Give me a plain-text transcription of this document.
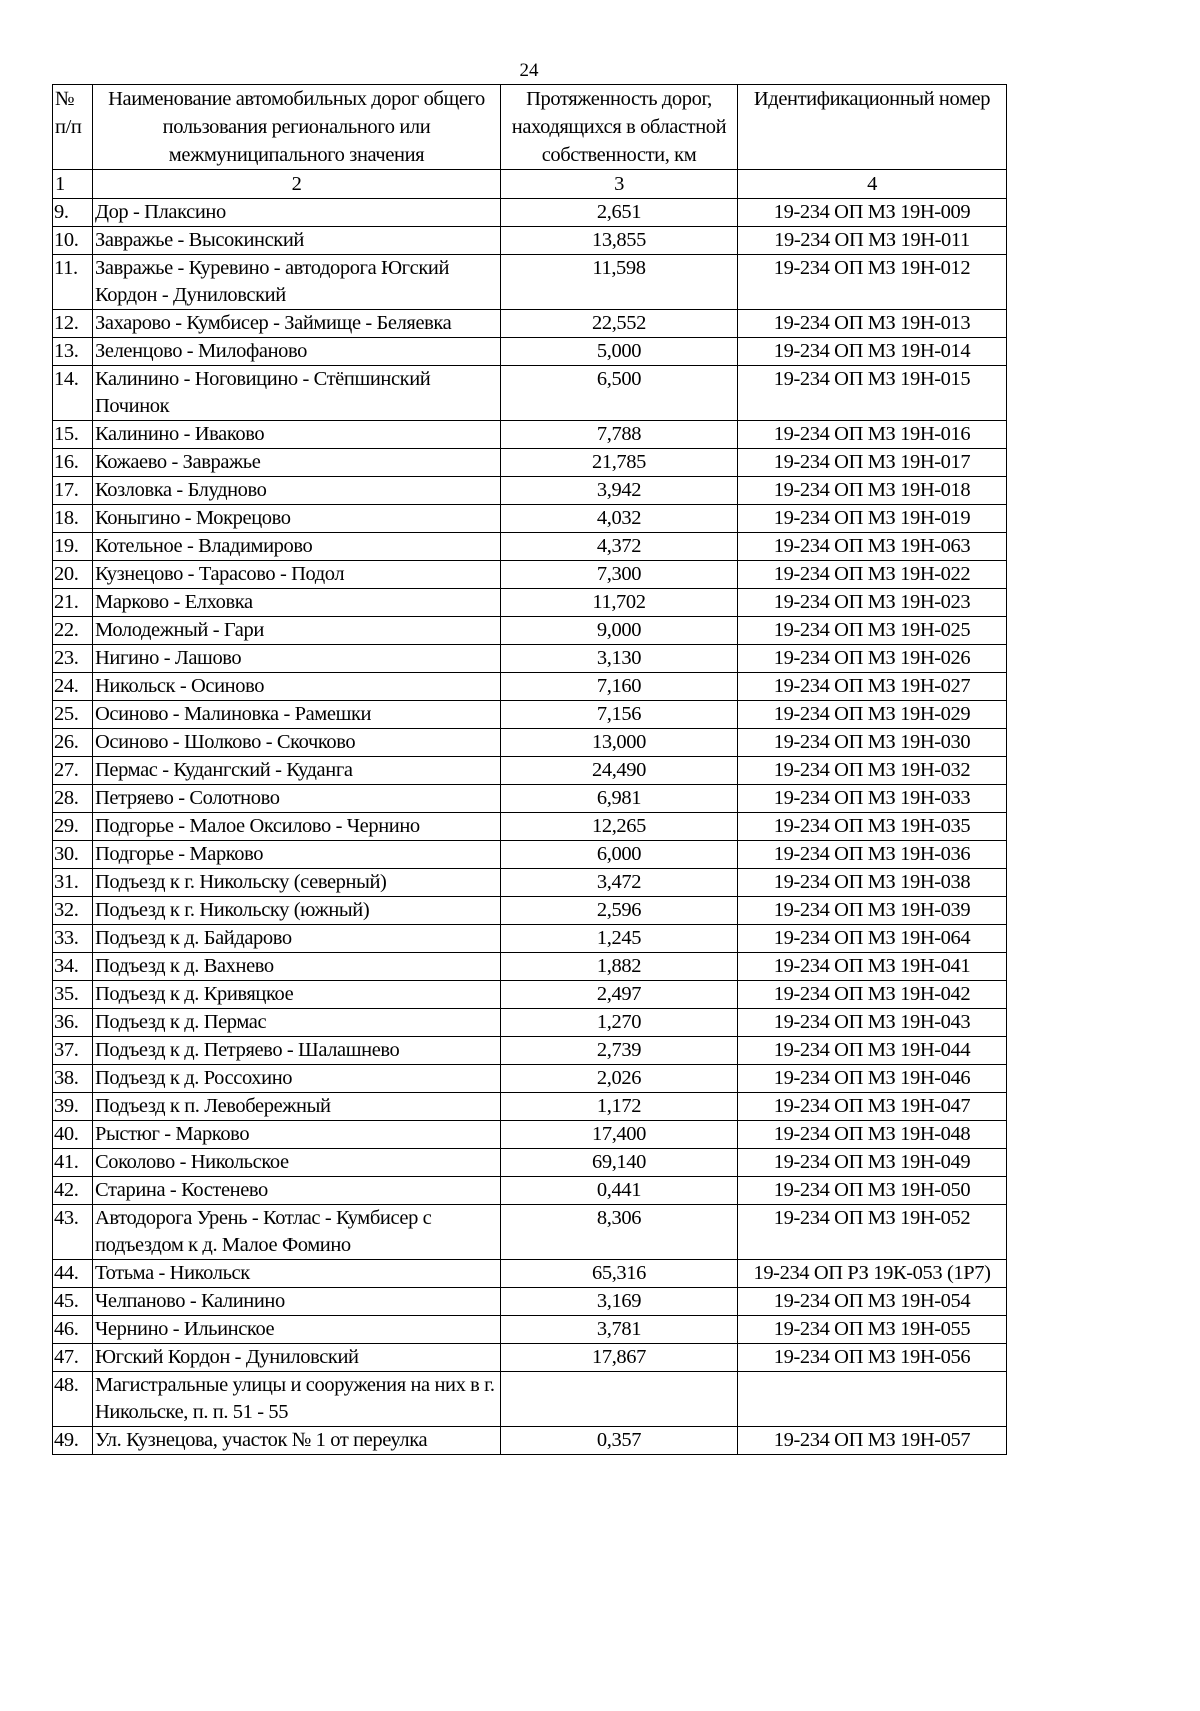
24
№ п/п	Наименование автомобильных дорог общего пользования регионального или межмуниципального значения	Протяженность дорог, находящихся в областной собственности, км	Идентификационный номер
1	2	3	4
9.	Дор - Плаксино	2,651	19-234 ОП МЗ 19Н-009
10.	Завражье - Высокинский	13,855	19-234 ОП МЗ 19Н-011
11.	Завражье - Куревино - автодорога Югский Кордон - Дуниловский	11,598	19-234 ОП МЗ 19Н-012
12.	Захарово - Кумбисер - Займище - Беляевка	22,552	19-234 ОП МЗ 19Н-013
13.	Зеленцово - Милофаново	5,000	19-234 ОП МЗ 19Н-014
14.	Калинино - Ноговицино - Стёпшинский Починок	6,500	19-234 ОП МЗ 19Н-015
15.	Калинино - Иваково	7,788	19-234 ОП МЗ 19Н-016
16.	Кожаево - Завражье	21,785	19-234 ОП МЗ 19Н-017
17.	Козловка - Блудново	3,942	19-234 ОП МЗ 19Н-018
18.	Коныгино - Мокрецово	4,032	19-234 ОП МЗ 19Н-019
19.	Котельное - Владимирово	4,372	19-234 ОП МЗ 19Н-063
20.	Кузнецово - Тарасово - Подол	7,300	19-234 ОП МЗ 19Н-022
21.	Марково - Елховка	11,702	19-234 ОП МЗ 19Н-023
22.	Молодежный - Гари	9,000	19-234 ОП МЗ 19Н-025
23.	Нигино - Лашово	3,130	19-234 ОП МЗ 19Н-026
24.	Никольск - Осиново	7,160	19-234 ОП МЗ 19Н-027
25.	Осиново - Малиновка - Рамешки	7,156	19-234 ОП МЗ 19Н-029
26.	Осиново - Шолково - Скочково	13,000	19-234 ОП МЗ 19Н-030
27.	Пермас - Кудангский - Куданга	24,490	19-234 ОП МЗ 19Н-032
28.	Петряево - Солотново	6,981	19-234 ОП МЗ 19Н-033
29.	Подгорье - Малое Оксилово - Чернино	12,265	19-234 ОП МЗ 19Н-035
30.	Подгорье - Марково	6,000	19-234 ОП МЗ 19Н-036
31.	Подъезд к г. Никольску (северный)	3,472	19-234 ОП МЗ 19Н-038
32.	Подъезд к г. Никольску (южный)	2,596	19-234 ОП МЗ 19Н-039
33.	Подъезд к д. Байдарово	1,245	19-234 ОП МЗ 19Н-064
34.	Подъезд к д. Вахнево	1,882	19-234 ОП МЗ 19Н-041
35.	Подъезд к д. Кривяцкое	2,497	19-234 ОП МЗ 19Н-042
36.	Подъезд к д. Пермас	1,270	19-234 ОП МЗ 19Н-043
37.	Подъезд к д. Петряево - Шалашнево	2,739	19-234 ОП МЗ 19Н-044
38.	Подъезд к д. Россохино	2,026	19-234 ОП МЗ 19Н-046
39.	Подъезд к п. Левобережный	1,172	19-234 ОП МЗ 19Н-047
40.	Рыстюг - Марково	17,400	19-234 ОП МЗ 19Н-048
41.	Соколово - Никольское	69,140	19-234 ОП МЗ 19Н-049
42.	Старина - Костенево	0,441	19-234 ОП МЗ 19Н-050
43.	Автодорога Урень - Котлас - Кумбисер с подъездом к д. Малое Фомино	8,306	19-234 ОП МЗ 19Н-052
44.	Тотьма - Никольск	65,316	19-234 ОП РЗ 19К-053 (1Р7)
45.	Челпаново - Калинино	3,169	19-234 ОП МЗ 19Н-054
46.	Чернино - Ильинское	3,781	19-234 ОП МЗ 19Н-055
47.	Югский Кордон - Дуниловский	17,867	19-234 ОП МЗ 19Н-056
48.	Магистральные улицы и сооружения на них в г. Никольске, п. п. 51 - 55		
49.	Ул. Кузнецова, участок № 1 от переулка	0,357	19-234 ОП МЗ 19Н-057
